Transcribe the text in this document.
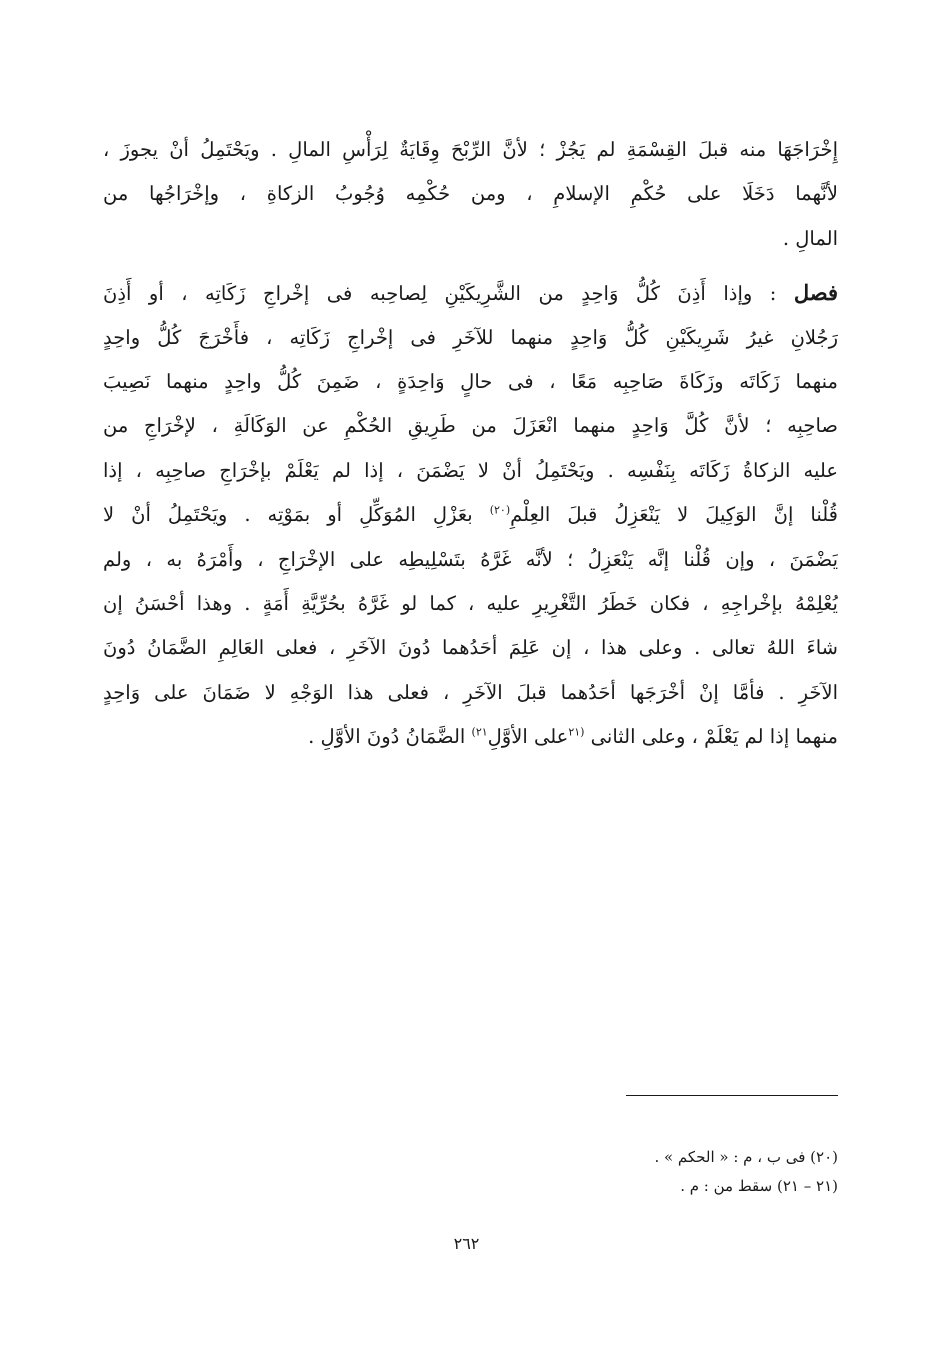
إِخْرَاجَهَا منه قبلَ القِسْمَةِ لم يَجُزْ ؛ لأنَّ الرِّبْحَ وِقَايَةٌ لِرَأْسِ المالِ . ويَحْتَمِلُ أنْ يجوزَ ،
لأنَّهما دَخَلَا على حُكْمِ الإسلامِ ، ومن حُكْمِه وُجُوبُ الزكاةِ ، وإخْرَاجُها من
المالِ .
فصل : وإذا أَذِنَ كُلُّ وَاحِدٍ من الشَّرِيكَيْنِ لِصاحِبه فى إخْراجِ زَكَاتِه ، أو أَذِنَ
رَجُلانِ غيرُ شَرِيكَيْنِ كُلُّ وَاحِدٍ منهما للآخَرِ فى إخْراجِ زَكَاتِه ، فأَخْرَجَ كُلُّ واحِدٍ
منهما زَكَاتَه وزَكَاةَ صَاحِبِه مَعًا ، فى حالٍ وَاحِدَةٍ ، ضَمِنَ كُلُّ واحِدٍ منهما نَصِيبَ
صاحِبِه ؛ لأنَّ كُلَّ وَاحِدٍ منهما انْعَزَلَ من طَرِيقِ الحُكْمِ عن الوَكَالَةِ ، لإخْرَاجِ من
عليه الزكاةُ زَكَاتَه بِنَفْسِه . ويَحْتَمِلُ أنْ لا يَضْمَنَ ، إذا لم يَعْلَمْ بإخْرَاجِ صاحِبِه ، إذا
قُلْنا إنَّ الوَكِيلَ لا يَنْعَزِلُ قبلَ العِلْمِ$^{(٢٠)}$ بعَزْلِ المُوَكِّلِ أو بمَوْتِه . ويَحْتَمِلُ أنْ لا
يَضْمَنَ ، وإن قُلْنا إنَّه يَنْعَزِلُ ؛ لأنَّه غَرَّهُ بتَسْلِيطِه على الإخْرَاجِ ، وأَمْرَهُ به ، ولم
يُعْلِمْهُ بإخْراجِهِ ، فكان خَطَرُ التَّغْرِيرِ عليه ، كما لو غَرَّهُ بحُرِّيَّةِ أَمَةٍ . وهذا أحْسَنُ إن
شاءَ اللهُ تعالى . وعلى هذا ، إن عَلِمَ أحَدُهما دُونَ الآخَرِ ، فعلى العَالِمِ الضَّمَانُ دُونَ
الآخَرِ . فأمَّا إنْ أخْرَجَها أحَدُهما قبلَ الآخَرِ ، فعلى هذا الوَجْهِ لا ضَمَانَ على وَاحِدٍ
منهما إذا لم يَعْلَمْ ، وعلى الثانى $^{(٢١}$على الأوَّلِ$^{٢١)}$ الضَّمَانُ دُونَ الأوَّلِ .
(٢٠) فى ب ، م : « الحكم » .
(٢١ – ٢١) سقط من : م .
٢٦٢
